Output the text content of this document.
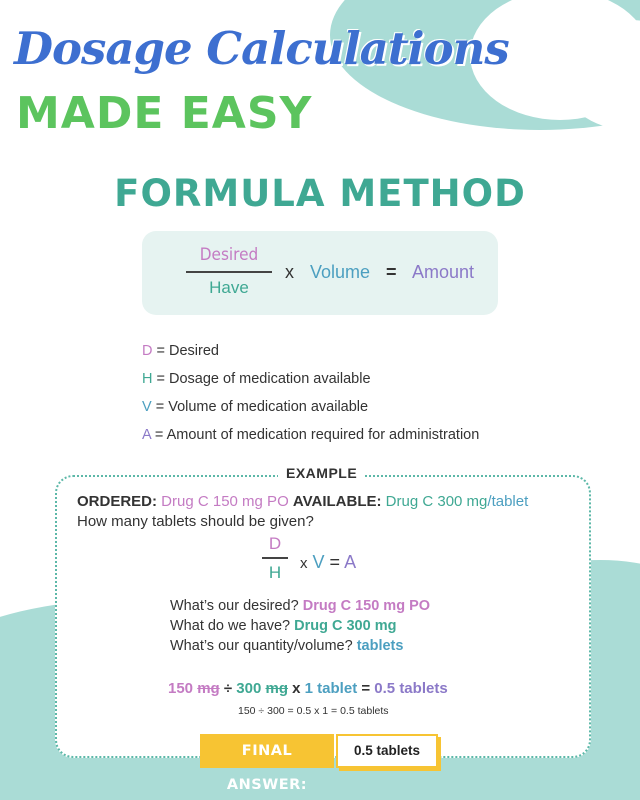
Dosage Calculations
MADE EASY
FORMULA METHOD
Desired
Have
x Volume = Amount
D = Desired
H = Dosage of medication available
V = Volume of medication available
A = Amount of medication required for administration
EXAMPLE
ORDERED: Drug C 150 mg PO AVAILABLE: Drug C 300 mg/tablet
How many tablets should be given?
D
H	x V = A
What’s our desired? Drug C 150 mg PO
What do we have? Drug C 300 mg
What’s our quantity/volume? tablets
150 mg ÷ 300 mg x 1 tablet = 0.5 tablets
150 ÷ 300 = 0.5 x 1 = 0.5 tablets
FINAL ANSWER:
0.5 tablets
